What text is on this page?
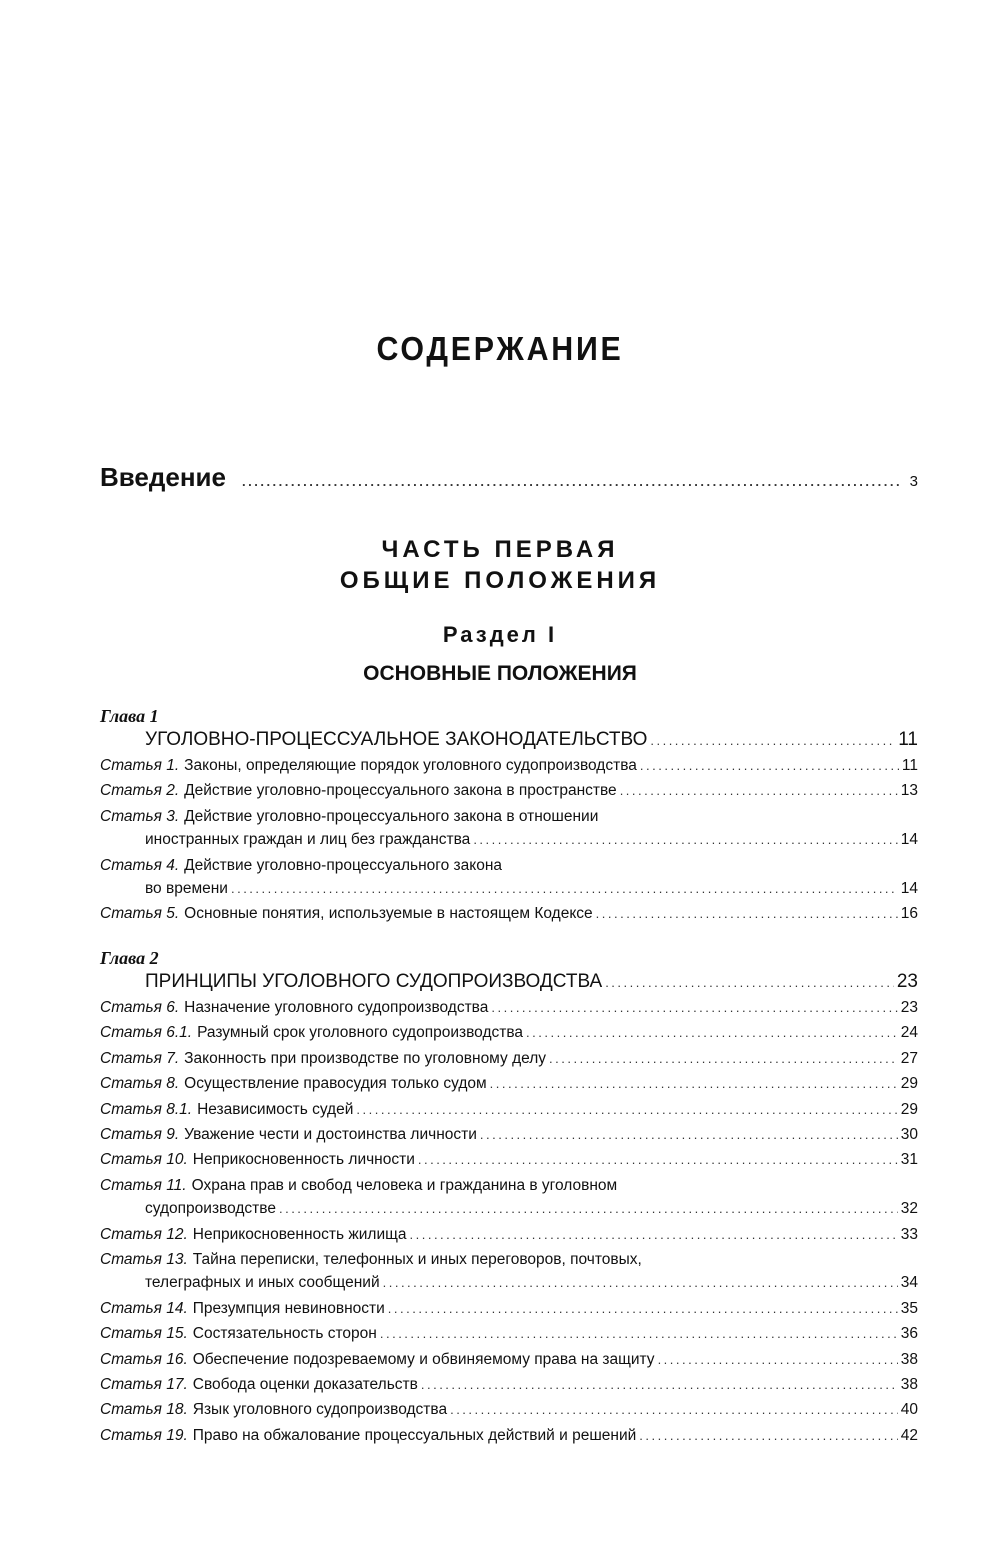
СОДЕРЖАНИЕ
Введение .....	3
ЧАСТЬ ПЕРВАЯ
ОБЩИЕ ПОЛОЖЕНИЯ
Раздел I
ОСНОВНЫЕ ПОЛОЖЕНИЯ
Глава 1
УГОЛОВНО-ПРОЦЕССУАЛЬНОЕ ЗАКОНОДАТЕЛЬСТВО .....	11
Статья 1. Законы, определяющие порядок уголовного судопроизводства .....	11
Статья 2. Действие уголовно-процессуального закона в пространстве .....	13
Статья 3. Действие уголовно-процессуального закона в отношении
иностранных граждан и лиц без гражданства .....	14
Статья 4. Действие уголовно-процессуального закона
во времени .....	14
Статья 5. Основные понятия, используемые в настоящем Кодексе .....	16
Глава 2
ПРИНЦИПЫ УГОЛОВНОГО СУДОПРОИЗВОДСТВА .....	23
Статья 6. Назначение уголовного судопроизводства .....	23
Статья 6.1. Разумный срок уголовного судопроизводства .....	24
Статья 7. Законность при производстве по уголовному делу .....	27
Статья 8. Осуществление правосудия только судом .....	29
Статья 8.1. Независимость судей .....	29
Статья 9. Уважение чести и достоинства личности .....	30
Статья 10. Неприкосновенность личности .....	31
Статья 11. Охрана прав и свобод человека и гражданина в уголовном
судопроизводстве .....	32
Статья 12. Неприкосновенность жилища .....	33
Статья 13. Тайна переписки, телефонных и иных переговоров, почтовых,
телеграфных и иных сообщений .....	34
Статья 14. Презумпция невиновности .....	35
Статья 15. Состязательность сторон .....	36
Статья 16. Обеспечение подозреваемому и обвиняемому права на защиту .....	38
Статья 17. Свобода оценки доказательств .....	38
Статья 18. Язык уголовного судопроизводства .....	40
Статья 19. Право на обжалование процессуальных действий и решений .....	42
